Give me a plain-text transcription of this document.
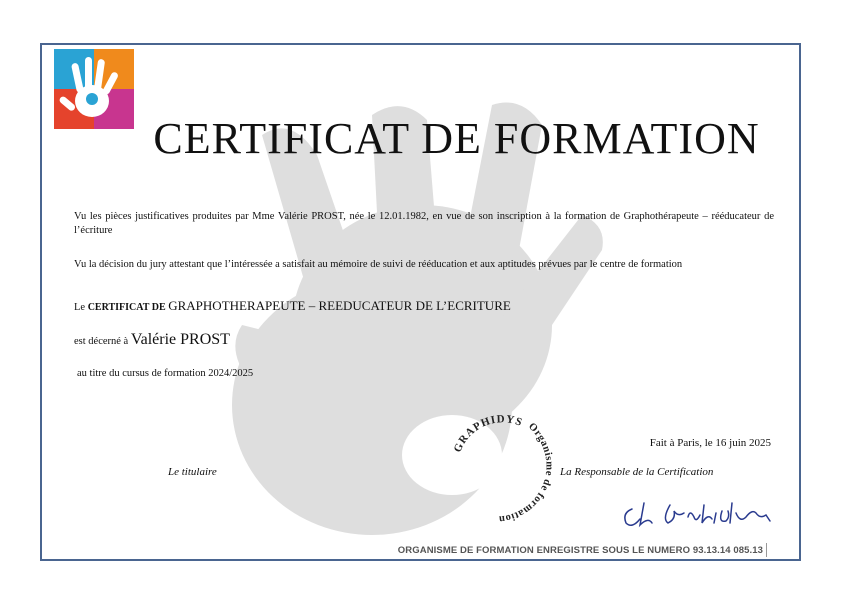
CERTIFICAT DE FORMATION
Vu les pièces justificatives produites par Mme Valérie PROST, née le 12.01.1982, en vue de son inscription à la formation de Graphothérapeute – rééducateur de l’écriture
Vu la décision du jury attestant que l’intéressée a satisfait au mémoire de suivi de rééducation et aux aptitudes prévues par le centre de formation
Le CERTIFICAT DE GRAPHOTHERAPEUTE – REEDUCATEUR DE L’ECRITURE
est décerné à Valérie PROST
au titre du cursus de formation 2024/2025
GRAPHIDYS Organisme de formation
Fait à Paris, le 16 juin 2025
Le titulaire	La Responsable de la Certification
ORGANISME DE FORMATION ENREGISTRE SOUS LE NUMERO 93.13.14 085.13
